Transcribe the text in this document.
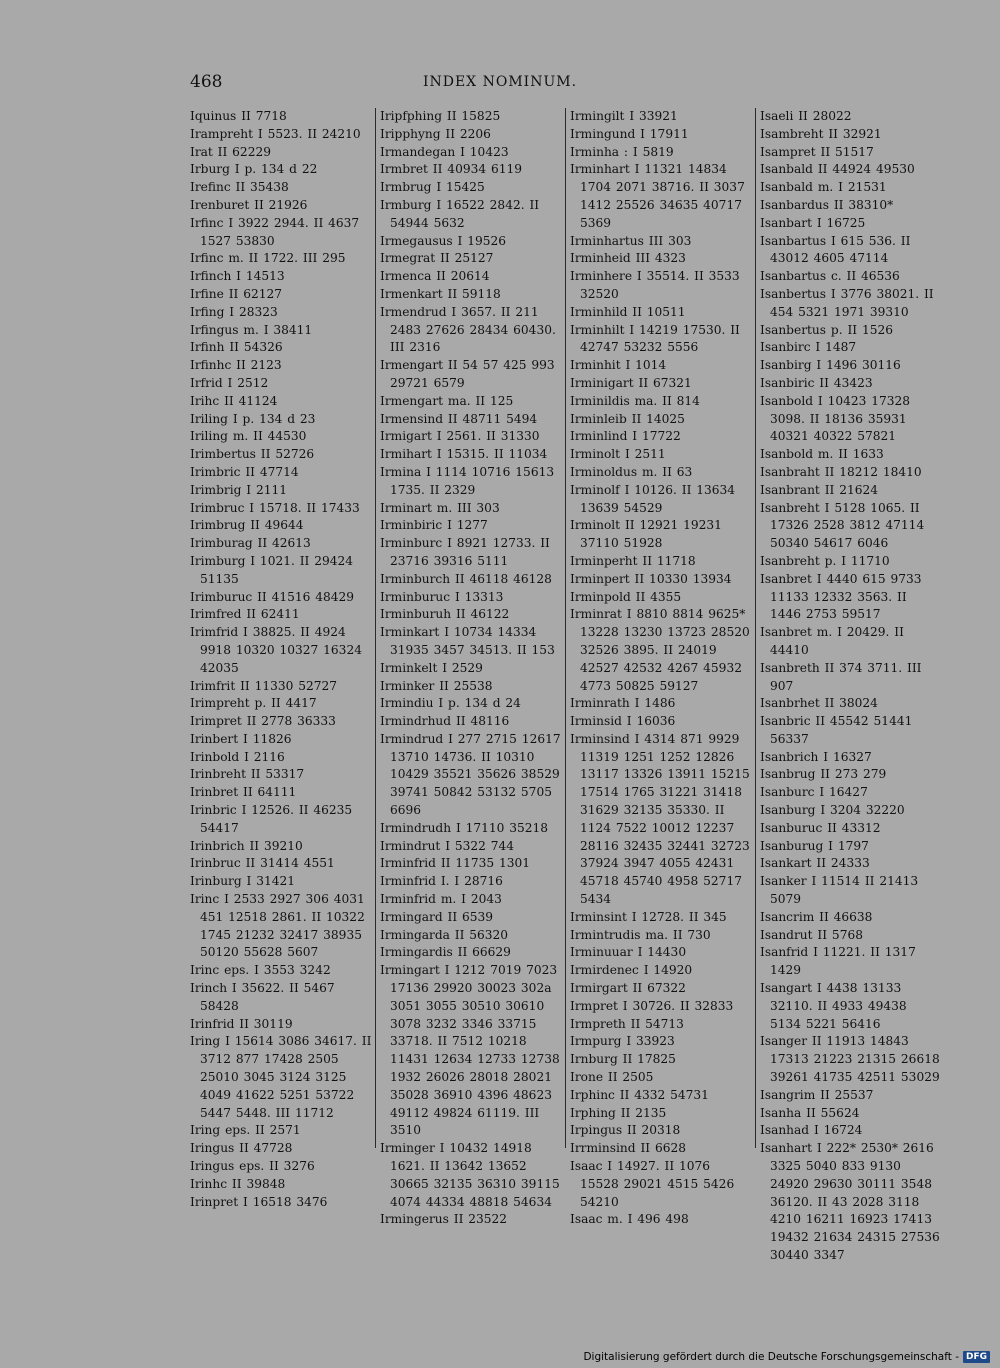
468	INDEX NOMINUM.
Iquinus II 7718
Irampreht I 5523. II 24210
Irat II 62229
Irburg I p. 134 d 22
Irefinc II 35438
Irenburet II 21926
Irfinc I 3922 2944. II 4637 1527 53830
Irfinc m. II 1722. III 295
Irfinch I 14513
Irfine II 62127
Irfing I 28323
Irfingus m. I 38411
Irfinh II 54326
Irfinhc II 2123
Irfrid I 2512
Irihc II 41124
Iriling I p. 134 d 23
Iriling m. II 44530
Irimbertus II 52726
Irimbric II 47714
Irimbrig I 2111
Irimbruc I 15718. II 17433
Irimbrug II 49644
Irimburag II 42613
Irimburg I 1021. II 29424 51135
Irimburuc II 41516 48429
Irimfred II 62411
Irimfrid I 38825. II 4924 9918 10320 10327 16324 42035
Irimfrit II 11330 52727
Irimpreht p. II 4417
Irimpret II 2778 36333
Irinbert I 11826
Irinbold I 2116
Irinbreht II 53317
Irinbret II 64111
Irinbric I 12526. II 46235 54417
Irinbrich II 39210
Irinbruc II 31414 4551
Irinburg I 31421
Irinc I 2533 2927 306 4031 451 12518 2861. II 10322 1745 21232 32417 38935 50120 55628 5607
Irinc eps. I 3553 3242
Irinch I 35622. II 5467 58428
Irinfrid II 30119
Iring I 15614 3086 34617. II 3712 877 17428 2505 25010 3045 3124 3125 4049 41622 5251 53722 5447 5448. III 11712
Iring eps. II 2571
Iringus II 47728
Iringus eps. II 3276
Irinhc II 39848
Irinpret I 16518 3476
Iripfphing II 15825
Iripphyng II 2206
Irmandegan I 10423
Irmbret II 40934 6119
Irmbrug I 15425
Irmburg I 16522 2842. II 54944 5632
Irmegausus I 19526
Irmegrat II 25127
Irmenca II 20614
Irmenkart II 59118
Irmendrud I 3657. II 211 2483 27626 28434 60430. III 2316
Irmengart II 54 57 425 993 29721 6579
Irmengart ma. II 125
Irmensind II 48711 5494
Irmigart I 2561. II 31330
Irmihart I 15315. II 11034
Irmina I 1114 10716 15613 1735. II 2329
Irminart m. III 303
Irminbiric I 1277
Irminburc I 8921 12733. II 23716 39316 5111
Irminburch II 46118 46128
Irminburuc I 13313
Irminburuh II 46122
Irminkart I 10734 14334 31935 3457 34513. II 153
Irminkelt I 2529
Irminker II 25538
Irmindiu I p. 134 d 24
Irmindrhud II 48116
Irmindrud I 277 2715 12617 13710 14736. II 10310 10429 35521 35626 38529 39741 50842 53132 5705 6696
Irmindrudh I 17110 35218
Irmindrut I 5322 744
Irminfrid II 11735 1301
Irminfrid I. I 28716
Irminfrid m. I 2043
Irmingard II 6539
Irmingarda II 56320
Irmingardis II 66629
Irmingart I 1212 7019 7023 17136 29920 30023 302a 3051 3055 30510 30610 3078 3232 3346 33715 33718. II 7512 10218 11431 12634 12733 12738 1932 26026 28018 28021 35028 36910 4396 48623 49112 49824 61119. III 3510
Irminger I 10432 14918 1621. II 13642 13652 30665 32135 36310 39115 4074 44334 48818 54634
Irmingerus II 23522
Irmingilt I 33921
Irmingund I 17911
Irminha : I 5819
Irminhart I 11321 14834 1704 2071 38716. II 3037 1412 25526 34635 40717 5369
Irminhartus III 303
Irminheid III 4323
Irminhere I 35514. II 3533 32520
Irminhild II 10511
Irminhilt I 14219 17530. II 42747 53232 5556
Irminhit I 1014
Irminigart II 67321
Irminildis ma. II 814
Irminleib II 14025
Irminlind I 17722
Irminolt I 2511
Irminoldus m. II 63
Irminolf I 10126. II 13634 13639 54529
Irminolt II 12921 19231 37110 51928
Irminperht II 11718
Irminpert II 10330 13934
Irminpold II 4355
Irminrat I 8810 8814 9625* 13228 13230 13723 28520 32526 3895. II 24019 42527 42532 4267 45932 4773 50825 59127
Irminrath I 1486
Irminsid I 16036
Irminsind I 4314 871 9929 11319 1251 1252 12826 13117 13326 13911 15215 17514 1765 31221 31418 31629 32135 35330. II 1124 7522 10012 12237 28116 32435 32441 32723 37924 3947 4055 42431 45718 45740 4958 52717 5434
Irminsint I 12728. II 345
Irmintrudis ma. II 730
Irminuuar I 14430
Irmirdenec I 14920
Irmirgart II 67322
Irmpret I 30726. II 32833
Irmpreth II 54713
Irmpurg I 33923
Irnburg II 17825
Irone II 2505
Irphinc II 4332 54731
Irphing II 2135
Irpingus II 20318
Irrminsind II 6628
Isaac I 14927. II 1076 15528 29021 4515 5426 54210
Isaac m. I 496 498
Isaeli II 28022
Isambreht II 32921
Isampret II 51517
Isanbald II 44924 49530
Isanbald m. I 21531
Isanbardus II 38310*
Isanbart I 16725
Isanbartus I 615 536. II 43012 4605 47114
Isanbartus c. II 46536
Isanbertus I 3776 38021. II 454 5321 1971 39310
Isanbertus p. II 1526
Isanbirc I 1487
Isanbirg I 1496 30116
Isanbiric II 43423
Isanbold I 10423 17328 3098. II 18136 35931 40321 40322 57821
Isanbold m. II 1633
Isanbraht II 18212 18410
Isanbrant II 21624
Isanbreht I 5128 1065. II 17326 2528 3812 47114 50340 54617 6046
Isanbreht p. I 11710
Isanbret I 4440 615 9733 11133 12332 3563. II 1446 2753 59517
Isanbret m. I 20429. II 44410
Isanbreth II 374 3711. III 907
Isanbrhet II 38024
Isanbric II 45542 51441 56337
Isanbrich I 16327
Isanbrug II 273 279
Isanburc I 16427
Isanburg I 3204 32220
Isanburuc II 43312
Isanburug I 1797
Isankart II 24333
Isanker I 11514 II 21413 5079
Isancrim II 46638
Isandrut II 5768
Isanfrid I 11221. II 1317 1429
Isangart I 4438 13133 32110. II 4933 49438 5134 5221 56416
Isanger II 11913 14843 17313 21223 21315 26618 39261 41735 42511 53029
Isangrim II 25537
Isanha II 55624
Isanhad I 16724
Isanhart I 222* 2530* 2616 3325 5040 833 9130 24920 29630 30111 3548 36120. II 43 2028 3118 4210 16211 16923 17413 19432 21634 24315 27536 30440 3347
Digitalisierung gefördert durch die Deutsche Forschungsgemeinschaft - DFG
